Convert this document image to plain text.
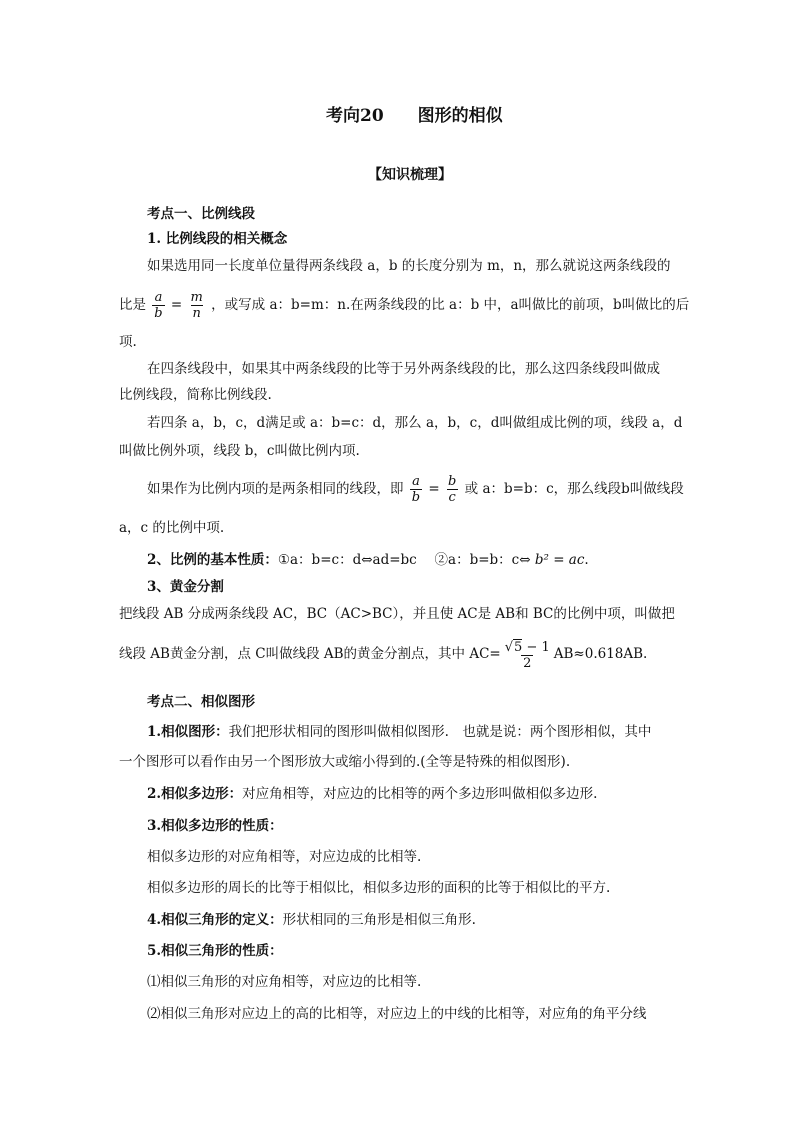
考向20　　图形的相似
【知识梳理】
考点一、比例线段
1. 比例线段的相关概念
如果选用同一长度单位量得两条线段 a，b 的长度分别为 m，n，那么就说这两条线段的
比是 $\frac{a}{b} = \frac{m}{n}$ ，或写成 a：b=m：n.在两条线段的比 a：b 中，a叫做比的前项，b叫做比的后
项.
在四条线段中，如果其中两条线段的比等于另外两条线段的比，那么这四条线段叫做成
比例线段，简称比例线段.
若四条 a，b，c，d满足或 a：b=c：d，那么 a，b，c，d叫做组成比例的项，线段 a，d
叫做比例外项，线段 b，c叫做比例内项.
如果作为比例内项的是两条相同的线段，即 $\frac{a}{b} = \frac{b}{c}$ 或 a：b=b：c，那么线段b叫做线段
a，c 的比例中项.
2、比例的基本性质：①a：b=c：d⇔ad=bc　 ②a：b=b：c⇔ b² = ac.
3、黄金分割
把线段 AB 分成两条线段 AC，BC（AC>BC），并且使 AC是 AB和 BC的比例中项，叫做把
线段 AB黄金分割，点 C叫做线段 AB的黄金分割点，其中 $AC= \frac{√5 - 1}{2} AB\approx 0.618AB$.
考点二、相似图形
1.相似图形：我们把形状相同的图形叫做相似图形.　也就是说：两个图形相似，其中
一个图形可以看作由另一个图形放大或缩小得到的.(全等是特殊的相似图形).
2.相似多边形：对应角相等，对应边的比相等的两个多边形叫做相似多边形.
3.相似多边形的性质：
相似多边形的对应角相等，对应边成的比相等.
相似多边形的周长的比等于相似比，相似多边形的面积的比等于相似比的平方.
4.相似三角形的定义：形状相同的三角形是相似三角形.
5.相似三角形的性质：
⑴相似三角形的对应角相等，对应边的比相等.
⑵相似三角形对应边上的高的比相等，对应边上的中线的比相等，对应角的角平分线
